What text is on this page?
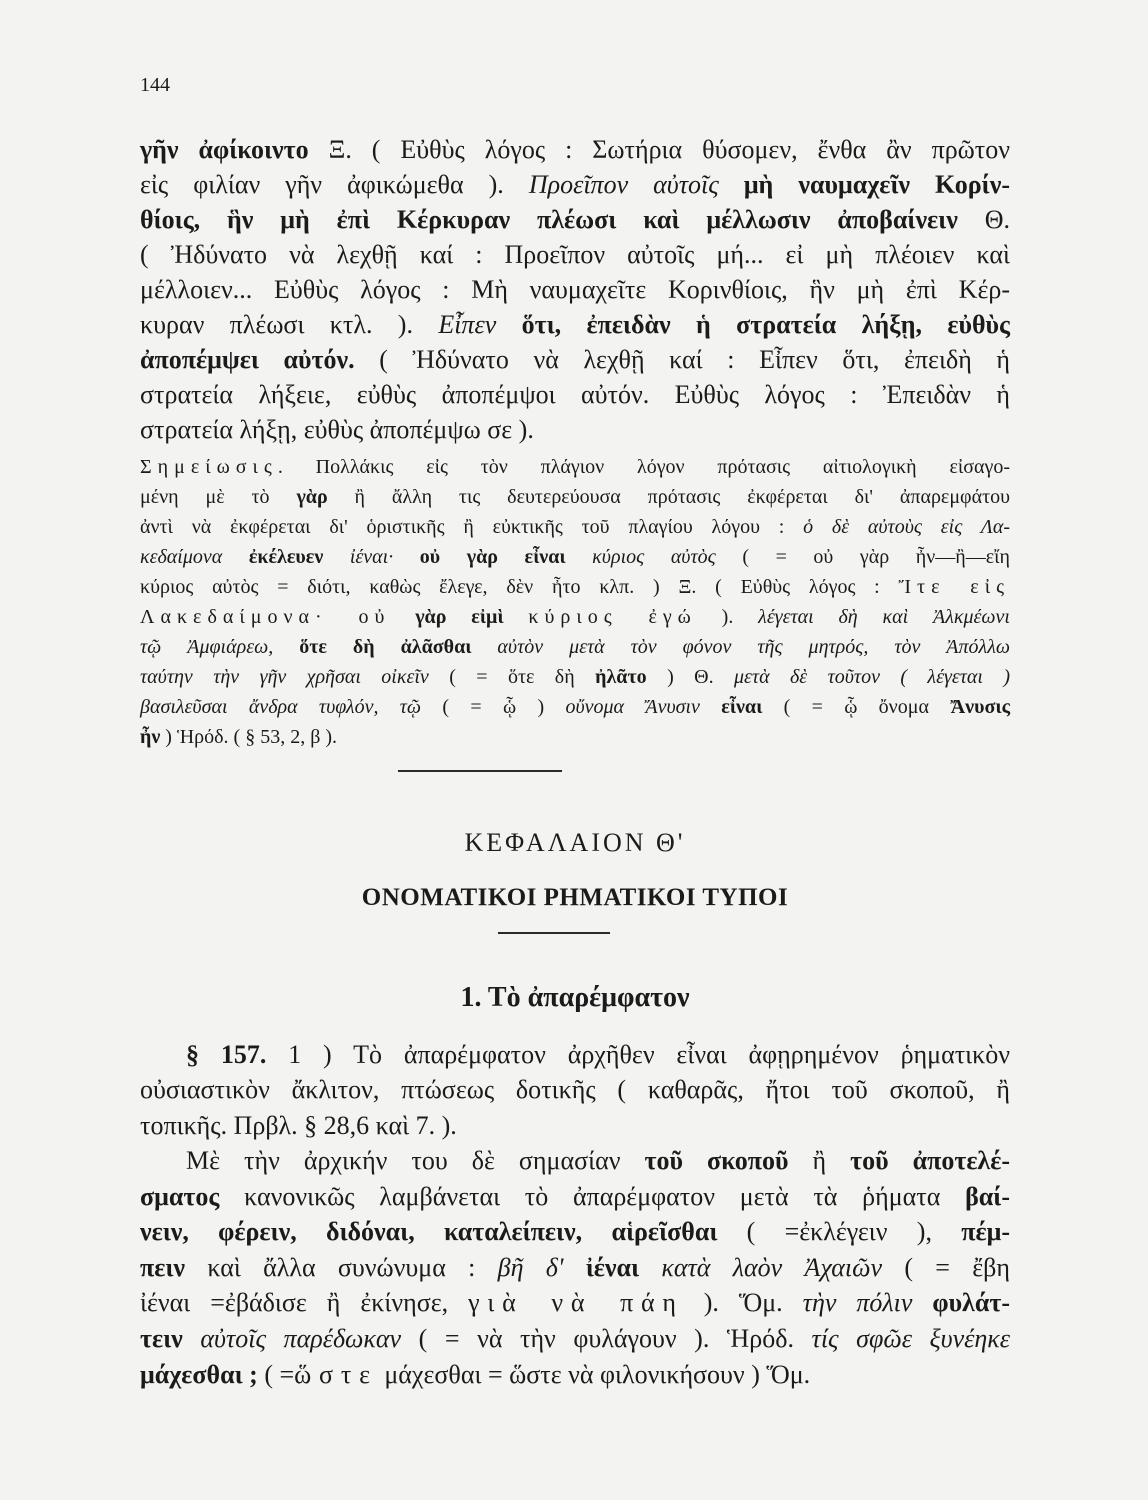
144
γῆν ἀφίκοιντο Ξ. ( Εὐθὺς λόγος : Σωτήρια θύσομεν, ἔνθα ἂν πρῶτον
εἰς φιλίαν γῆν ἀφικώμεθα ). Προεῖπον αὐτοῖς μὴ ναυμαχεῖν Κορίν-
θίοις, ἣν μὴ ἐπὶ Κέρκυραν πλέωσι καὶ μέλλωσιν ἀποβαίνειν Θ.
( Ἠδύνατο νὰ λεχθῇ καί : Προεῖπον αὐτοῖς μή... εἰ μὴ πλέοιεν καὶ
μέλλοιεν... Εὐθὺς λόγος : Μὴ ναυμαχεῖτε Κορινθίοις, ἣν μὴ ἐπὶ Κέρ-
κυραν πλέωσι κτλ. ). Εἶπεν ὅτι, ἐπειδὰν ἡ στρατεία λήξῃ, εὐθὺς
ἀποπέμψει αὐτόν. ( Ἠδύνατο νὰ λεχθῇ καί : Εἶπεν ὅτι, ἐπειδὴ ἡ
στρατεία λήξειε, εὐθὺς ἀποπέμψοι αὐτόν. Εὐθὺς λόγος : Ἐπειδὰν ἡ
στρατεία λήξῃ, εὐθὺς ἀποπέμψω σε ).
Σημείωσις. Πολλάκις εἰς τὸν πλάγιον λόγον πρότασις αἰτιολογικὴ εἰσαγο-
μένη μὲ τὸ γὰρ ἢ ἄλλη τις δευτερεύουσα πρότασις ἐκφέρεται δι' ἀπαρεμφάτου
ἀντὶ νὰ ἐκφέρεται δι' ὁριστικῆς ἢ εὐκτικῆς τοῦ πλαγίου λόγου : ὁ δὲ αὐτοὺς εἰς Λα-
κεδαίμονα ἐκέλευεν ἰέναι· οὐ γὰρ εἶναι κύριος αὐτὸς ( = οὐ γὰρ ἦν—ἢ—εἴη
κύριος αὐτὸς = διότι, καθὼς ἔλεγε, δὲν ἦτο κλπ. ) Ξ. ( Εὐθὺς λόγος : Ἴτε εἰς
Λακεδαίμονα· οὐ γὰρ εἰμὶ κύριος ἐγώ ). λέγεται δὴ καὶ Ἀλκμέωνι
τῷ Ἀμφιάρεω, ὅτε δὴ ἀλᾶσθαι αὐτὸν μετὰ τὸν φόνον τῆς μητρός, τὸν Ἀπόλλω
ταύτην τὴν γῆν χρῆσαι οἰκεῖν ( = ὅτε δὴ ἠλᾶτο ) Θ. μετὰ δὲ τοῦτον ( λέγεται )
βασιλεῦσαι ἄνδρα τυφλόν, τῷ ( = ᾧ ) οὔνομα Ἄνυσιν εἶναι ( = ᾧ ὄνομα Ἄνυσις
ἦν ) Ἡρόδ. ( § 53, 2, β ).
ΚΕΦΑΛΑΙΟΝ Θ'
ΟΝΟΜΑΤΙΚΟΙ ΡΗΜΑΤΙΚΟΙ ΤΥΠΟΙ
1. Τὸ ἀπαρέμφατον
§ 157. 1 ) Τὸ ἀπαρέμφατον ἀρχῆθεν εἶναι ἀφῃρημένον ῥηματικὸν
οὐσιαστικὸν ἄκλιτον, πτώσεως δοτικῆς ( καθαρᾶς, ἤτοι τοῦ σκοποῦ, ἢ
τοπικῆς. Πρβλ. § 28,6 καὶ 7. ).
Μὲ τὴν ἀρχικήν του δὲ σημασίαν τοῦ σκοποῦ ἢ τοῦ ἀποτελέ-
σματος κανονικῶς λαμβάνεται τὸ ἀπαρέμφατον μετὰ τὰ ῥήματα βαί-
νειν, φέρειν, διδόναι, καταλείπειν, αἱρεῖσθαι ( =ἐκλέγειν ), πέμ-
πειν καὶ ἄλλα συνώνυμα : βῆ δ' ἰέναι κατὰ λαὸν Ἀχαιῶν ( = ἔβη
ἰέναι =ἐβάδισε ἢ ἐκίνησε, γιὰ νὰ πάη ). Ὅμ. τὴν πόλιν φυλάτ-
τειν αὐτοῖς παρέδωκαν ( = νὰ τὴν φυλάγουν ). Ἡρόδ. τίς σφῶε ξυνέηκε
μάχεσθαι ; ( =ὥστε μάχεσθαι = ὥστε νὰ φιλονικήσουν ) Ὅμ.
